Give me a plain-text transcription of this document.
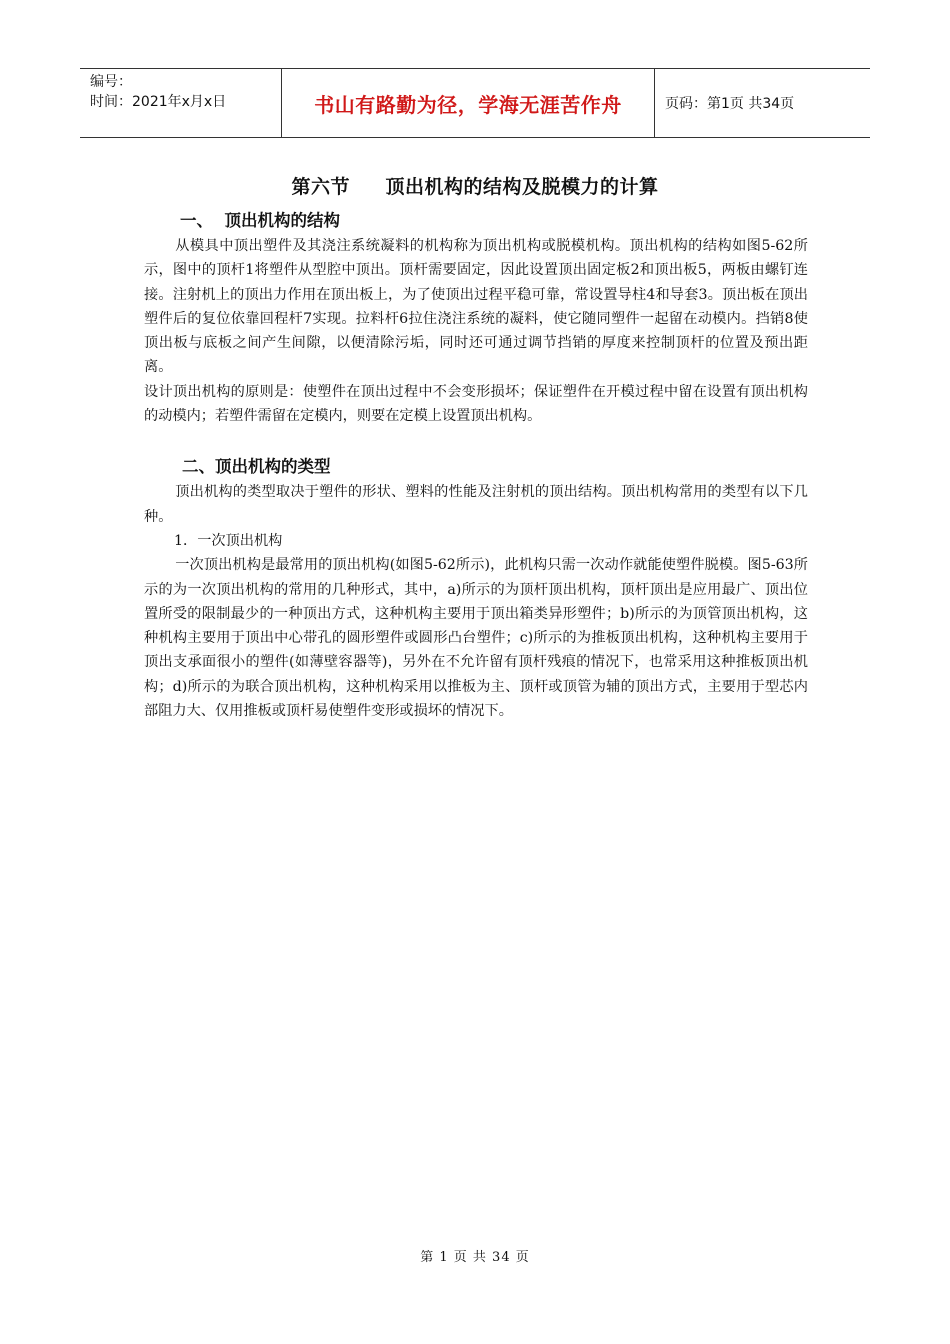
编号：
时间：2021年x月x日	书山有路勤为径，学海无涯苦作舟	页码：第1页 共34页
第六节     顶出机构的结构及脱模力的计算
一、  顶出机构的结构

从模具中顶出塑件及其浇注系统凝料的机构称为顶出机构或脱模机构。顶出机构的结构如图5-62所示，图中的顶杆1将塑件从型腔中顶出。顶杆需要固定，因此设置顶出固定板2和顶出板5，两板由螺钉连接。注射机上的顶出力作用在顶出板上，为了使顶出过程平稳可靠，常设置导柱4和导套3。顶出板在顶出塑件后的复位依靠回程杆7实现。拉料杆6拉住浇注系统的凝料，使它随同塑件一起留在动模内。挡销8使顶出板与底板之间产生间隙，以便清除污垢，同时还可通过调节挡销的厚度来控制顶杆的位置及预出距离。

设计顶出机构的原则是：使塑件在顶出过程中不会变形损坏；保证塑件在开模过程中留在设置有顶出机构的动模内；若塑件需留在定模内，则要在定模上设置顶出机构。

二、顶出机构的类型

顶出机构的类型取决于塑件的形状、塑料的性能及注射机的顶出结构。顶出机构常用的类型有以下几种。

1．一次顶出机构

一次顶出机构是最常用的顶出机构(如图5-62所示)，此机构只需一次动作就能使塑件脱模。图5-63所示的为一次顶出机构的常用的几种形式，其中，a)所示的为顶杆顶出机构，顶杆顶出是应用最广、顶出位置所受的限制最少的一种顶出方式，这种机构主要用于顶出箱类异形塑件；b)所示的为顶管顶出机构，这种机构主要用于顶出中心带孔的圆形塑件或圆形凸台塑件；c)所示的为推板顶出机构，这种机构主要用于顶出支承面很小的塑件(如薄壁容器等)，另外在不允许留有顶杆残痕的情况下，也常采用这种推板顶出机构；d)所示的为联合顶出机构，这种机构采用以推板为主、顶杆或顶管为辅的顶出方式，主要用于型芯内部阻力大、仅用推板或顶杆易使塑件变形或损坏的情况下。

第 1 页 共 34 页
